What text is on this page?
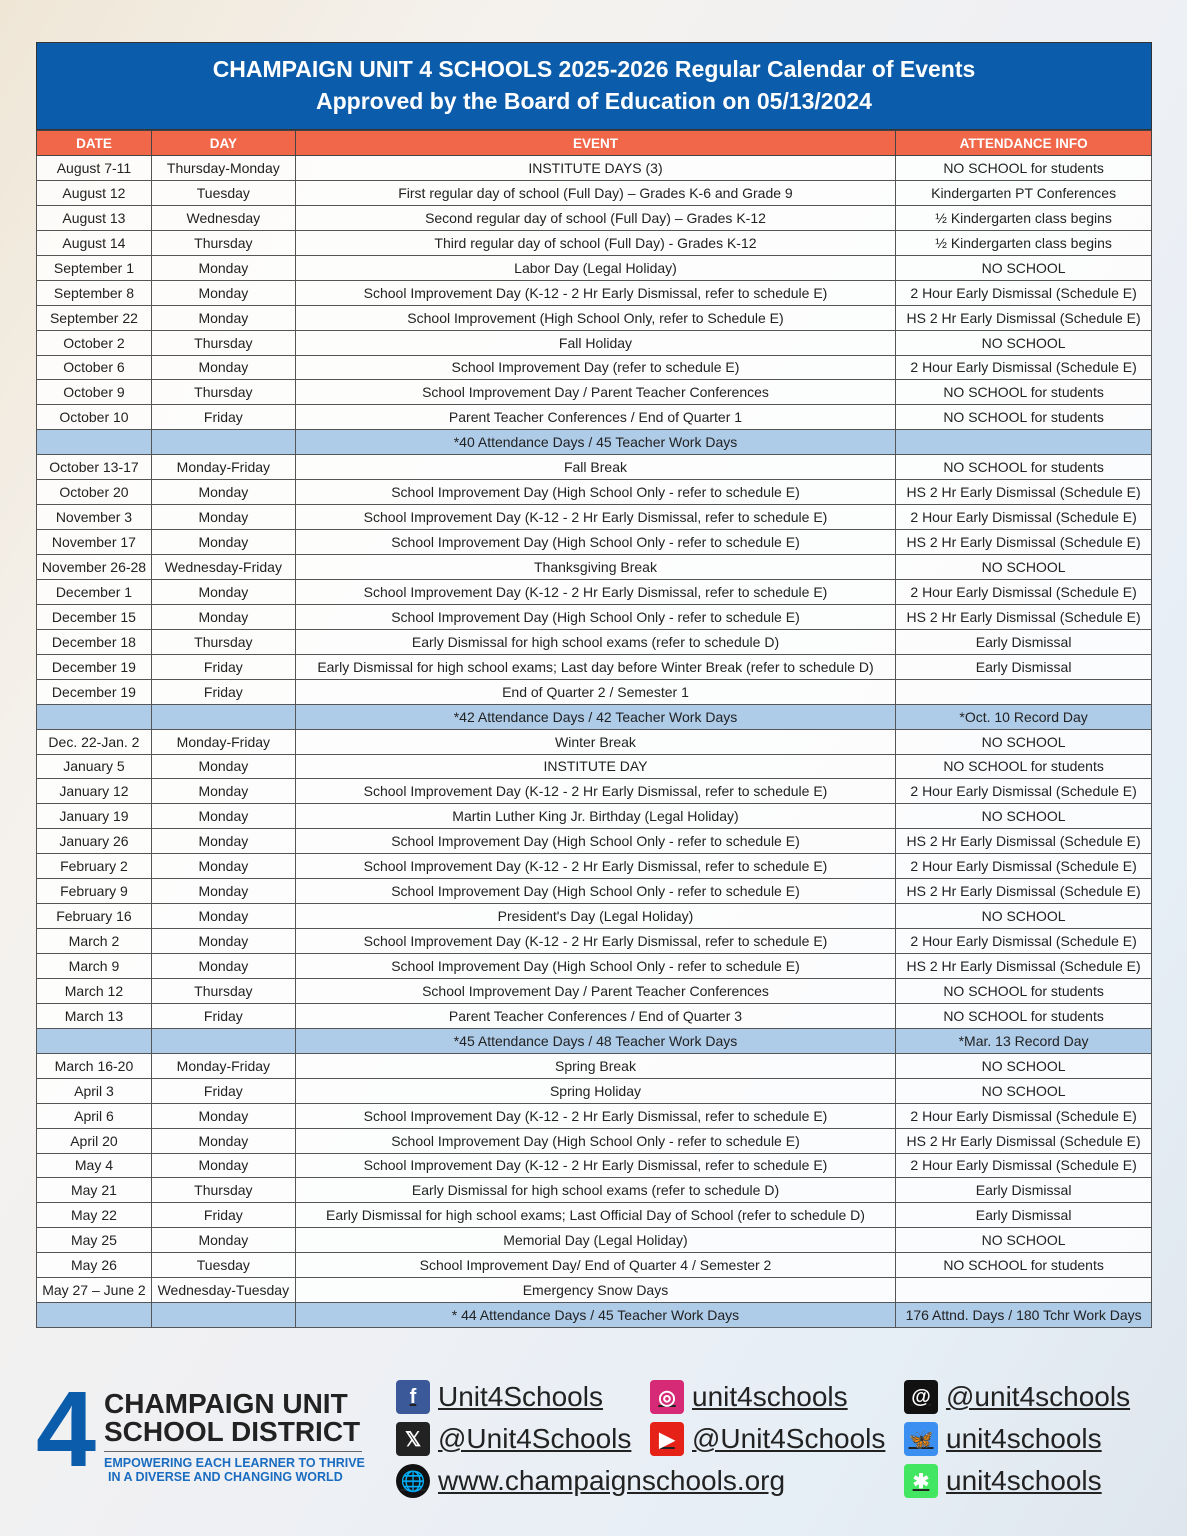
CHAMPAIGN UNIT 4 SCHOOLS 2025-2026 Regular Calendar of Events
Approved by the Board of Education on 05/13/2024
DATE	DAY	EVENT	ATTENDANCE INFO
August 7-11	Thursday-Monday	INSTITUTE DAYS (3)	NO SCHOOL for students
August 12	Tuesday	First regular day of school (Full Day) – Grades K-6 and Grade 9	Kindergarten PT Conferences
August 13	Wednesday	Second regular day of school (Full Day) – Grades K-12	½ Kindergarten class begins
August 14	Thursday	Third regular day of school (Full Day) - Grades K-12	½ Kindergarten class begins
September 1	Monday	Labor Day (Legal Holiday)	NO SCHOOL
September 8	Monday	School Improvement Day (K-12 - 2 Hr Early Dismissal, refer to schedule E)	2 Hour Early Dismissal (Schedule E)
September 22	Monday	School Improvement (High School Only, refer to Schedule E)	HS 2 Hr Early Dismissal (Schedule E)
October 2	Thursday	Fall Holiday	NO SCHOOL
October 6	Monday	School Improvement Day (refer to schedule E)	2 Hour Early Dismissal (Schedule E)
October 9	Thursday	School Improvement Day / Parent Teacher Conferences	NO SCHOOL for students
October 10	Friday	Parent Teacher Conferences / End of Quarter 1	NO SCHOOL for students
		*40 Attendance Days / 45 Teacher Work Days	
October 13-17	Monday-Friday	Fall Break	NO SCHOOL for students
October 20	Monday	School Improvement Day (High School Only - refer to schedule E)	HS 2 Hr Early Dismissal (Schedule E)
November 3	Monday	School Improvement Day (K-12 - 2 Hr Early Dismissal, refer to schedule E)	2 Hour Early Dismissal (Schedule E)
November 17	Monday	School Improvement Day (High School Only - refer to schedule E)	HS 2 Hr Early Dismissal (Schedule E)
November 26-28	Wednesday-Friday	Thanksgiving Break	NO SCHOOL
December 1	Monday	School Improvement Day (K-12 - 2 Hr Early Dismissal, refer to schedule E)	2 Hour Early Dismissal (Schedule E)
December 15	Monday	School Improvement Day (High School Only - refer to schedule E)	HS 2 Hr Early Dismissal (Schedule E)
December 18	Thursday	Early Dismissal for high school exams (refer to schedule D)	Early Dismissal
December 19	Friday	Early Dismissal for high school exams; Last day before Winter Break (refer to schedule D)	Early Dismissal
December 19	Friday	End of Quarter 2 / Semester 1	
		*42 Attendance Days / 42 Teacher Work Days	*Oct. 10 Record Day
Dec. 22-Jan. 2	Monday-Friday	Winter Break	NO SCHOOL
January 5	Monday	INSTITUTE DAY	NO SCHOOL for students
January 12	Monday	School Improvement Day (K-12 - 2 Hr Early Dismissal, refer to schedule E)	2 Hour Early Dismissal (Schedule E)
January 19	Monday	Martin Luther King Jr. Birthday (Legal Holiday)	NO SCHOOL
January 26	Monday	School Improvement Day (High School Only - refer to schedule E)	HS 2 Hr Early Dismissal (Schedule E)
February 2	Monday	School Improvement Day (K-12 - 2 Hr Early Dismissal, refer to schedule E)	2 Hour Early Dismissal (Schedule E)
February 9	Monday	School Improvement Day (High School Only - refer to schedule E)	HS 2 Hr Early Dismissal (Schedule E)
February 16	Monday	President's Day (Legal Holiday)	NO SCHOOL
March 2	Monday	School Improvement Day (K-12 - 2 Hr Early Dismissal, refer to schedule E)	2 Hour Early Dismissal (Schedule E)
March 9	Monday	School Improvement Day (High School Only - refer to schedule E)	HS 2 Hr Early Dismissal (Schedule E)
March 12	Thursday	School Improvement Day / Parent Teacher Conferences	NO SCHOOL for students
March 13	Friday	Parent Teacher Conferences / End of Quarter 3	NO SCHOOL for students
		*45 Attendance Days / 48 Teacher Work Days	*Mar. 13 Record Day
March 16-20	Monday-Friday	Spring Break	NO SCHOOL
April 3	Friday	Spring Holiday	NO SCHOOL
April 6	Monday	School Improvement Day (K-12 - 2 Hr Early Dismissal, refer to schedule E)	2 Hour Early Dismissal (Schedule E)
April 20	Monday	School Improvement Day (High School Only - refer to schedule E)	HS 2 Hr Early Dismissal (Schedule E)
May 4	Monday	School Improvement Day (K-12 - 2 Hr Early Dismissal, refer to schedule E)	2 Hour Early Dismissal (Schedule E)
May 21	Thursday	Early Dismissal for high school exams (refer to schedule D)	Early Dismissal
May 22	Friday	Early Dismissal for high school exams; Last Official Day of School (refer to schedule D)	Early Dismissal
May 25	Monday	Memorial Day (Legal Holiday)	NO SCHOOL
May 26	Tuesday	School Improvement Day/ End of Quarter 4 / Semester 2	NO SCHOOL for students
May 27 – June 2	Wednesday-Tuesday	Emergency Snow Days	
		* 44 Attendance Days / 45 Teacher Work Days	176 Attnd. Days / 180 Tchr Work Days
4 CHAMPAIGN UNIT
SCHOOL DISTRICT
EMPOWERING EACH LEARNER TO THRIVE
IN A DIVERSE AND CHANGING WORLD
f Unit4Schools
𝕏 @Unit4Schools
🌐 www.champaignschools.org
◎ unit4schools
▶ @Unit4Schools
@ @unit4schools
🦋 unit4schools
✱ unit4schools
